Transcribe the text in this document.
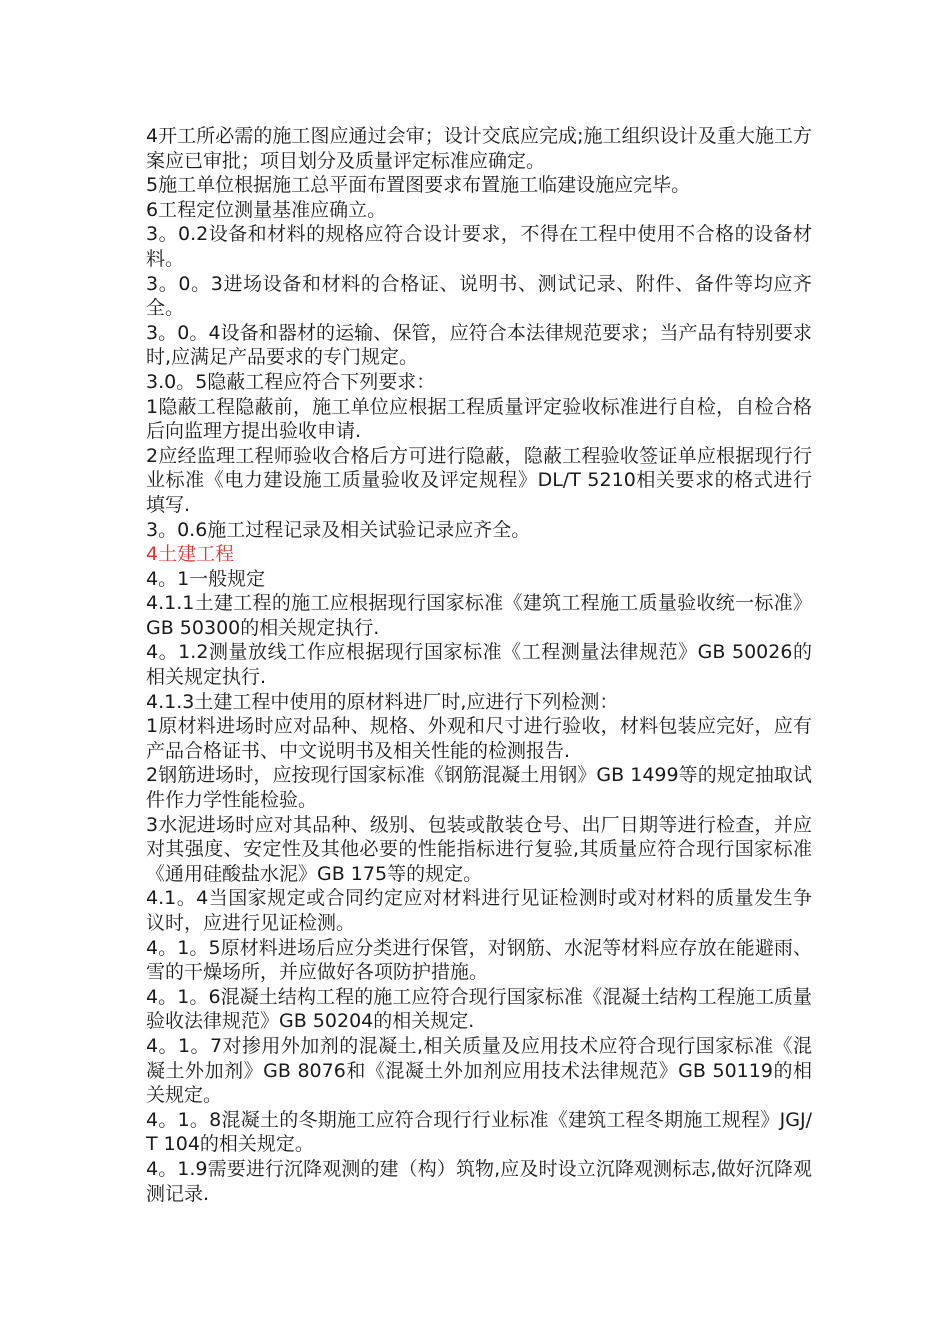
4开工所必需的施工图应通过会审；设计交底应完成;施工组织设计及重大施工方案应已审批；项目划分及质量评定标准应确定。

5施工单位根据施工总平面布置图要求布置施工临建设施应完毕。

6工程定位测量基准应确立。

3。0.2设备和材料的规格应符合设计要求，不得在工程中使用不合格的设备材料。

3。0。3进场设备和材料的合格证、说明书、测试记录、附件、备件等均应齐全。

3。0。4设备和器材的运输、保管，应符合本法律规范要求；当产品有特别要求时,应满足产品要求的专门规定。

3.0。5隐蔽工程应符合下列要求：

1隐蔽工程隐蔽前，施工单位应根据工程质量评定验收标准进行自检，自检合格后向监理方提出验收申请.

2应经监理工程师验收合格后方可进行隐蔽，隐蔽工程验收签证单应根据现行行业标准《电力建设施工质量验收及评定规程》DL/T 5210相关要求的格式进行填写.

3。0.6施工过程记录及相关试验记录应齐全。

4土建工程

4。1一般规定

4.1.1土建工程的施工应根据现行国家标准《建筑工程施工质量验收统一标准》GB 50300的相关规定执行.

4。1.2测量放线工作应根据现行国家标准《工程测量法律规范》GB 50026的相关规定执行.

4.1.3土建工程中使用的原材料进厂时,应进行下列检测：

1原材料进场时应对品种、规格、外观和尺寸进行验收，材料包装应完好，应有产品合格证书、中文说明书及相关性能的检测报告.

2钢筋进场时，应按现行国家标准《钢筋混凝土用钢》GB 1499等的规定抽取试件作力学性能检验。

3水泥进场时应对其品种、级别、包装或散装仓号、出厂日期等进行检查，并应对其强度、安定性及其他必要的性能指标进行复验,其质量应符合现行国家标准《通用硅酸盐水泥》GB 175等的规定。

4.1。4当国家规定或合同约定应对材料进行见证检测时或对材料的质量发生争议时，应进行见证检测。

4。1。5原材料进场后应分类进行保管，对钢筋、水泥等材料应存放在能避雨、雪的干燥场所，并应做好各项防护措施。

4。1。6混凝土结构工程的施工应符合现行国家标准《混凝土结构工程施工质量验收法律规范》GB 50204的相关规定.

4。1。7对掺用外加剂的混凝土,相关质量及应用技术应符合现行国家标准《混凝土外加剂》GB 8076和《混凝土外加剂应用技术法律规范》GB 50119的相关规定。

4。1。8混凝土的冬期施工应符合现行行业标准《建筑工程冬期施工规程》JGJ/T 104的相关规定。

4。1.9需要进行沉降观测的建（构）筑物,应及时设立沉降观测标志,做好沉降观测记录.
